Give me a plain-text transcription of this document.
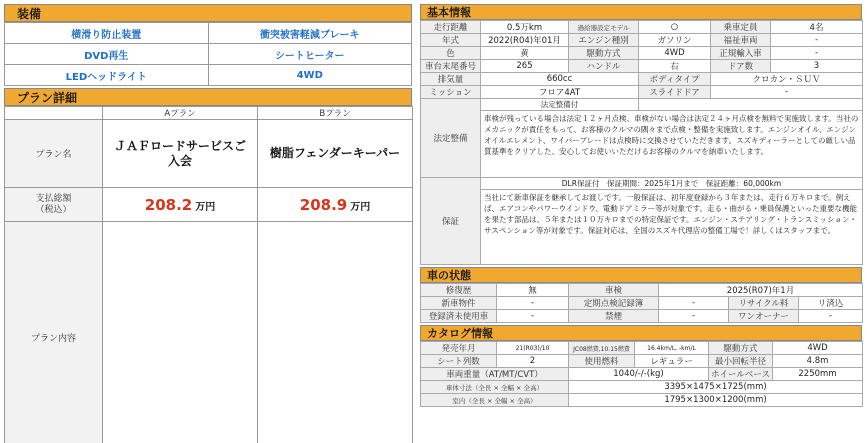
装備
横滑り防止装置	衝突被害軽減ブレーキ
DVD再生	シートヒーター
LEDヘッドライト	4WD
プラン詳細
	Aプラン	Bプラン
プラン名	ＪＡＦロードサービスご入会	樹脂フェンダーキーパー

支払総額
（税込）	208.2 万円	208.9 万円
プラン内容		
基本情報
走行距離	0.5万km	過給器設定モデル	○	乗車定員	4名
年式	2022(R04)年01月	エンジン種別	ガソリン	福祉車両	-
色	黄	駆動方式	4WD	正規輸入車	-
車台末尾番号	265	ハンドル	右	ドア数	3
排気量	660cc		ボディタイプ	クロカン・ＳＵＶ	
ミッション	フロア4AT		スライドドア	-	
法定整備	法定整備付				
	車検が残っている場合は法定１２ヶ月点検、車検がない場合は法定２４ヶ月点検を無料で実施致します。当社のメカニックが責任をもって、お客様のクルマの隅々まで点検・整備を実施致します。エンジンオイル、エンジンオイルエレメント、ワイパーブレードは点検時に交換させていただきます。スズキディーラーとしての厳しい品質基準をクリアした、安心してお使いいただけるお客様のクルマを納車いたします。				
保証	DLR保証付　保証期間：2025年1月まで　保証距離：60,000km				
	当社にて新車保証を継承してお渡しです。一般保証は、初年度登録から３年または、走行６万キロまで。例えば、エアコンやパワーウインドウ、電動ドアミラー等が対象です。走る・曲がる・乗員保護といった重要な機能を果たす部品は、５年または１０万キロまでの特定保証です。エンジン・ステアリング・トランスミッション・サスペンション等が対象です。保証対応は、全国のスズキ代理店の整備工場で！詳しくはスタッフまで。				
車の状態
修復歴	無	車検	2025(R07)年1月		
新車物件	-	定期点検記録簿	-	リサイクル料	リ済込
登録済未使用車	-	禁煙	-	ワンオーナー	-
カタログ情報
発売年月	21(R03)/10	JC08燃費,10.15燃費	16.4km/L, -km/L	駆動方式	4WD
シート列数	2	使用燃料	レギュラー	最小回転半径	4.8m
車両重量（AT/MT/CVT）		1040/-/-(kg)		ホイールベース	2250mm
車体寸法（全長 × 全幅 × 全高）		3395×1475×1725(mm)			
室内（全長 × 全幅 × 全高）		1795×1300×1200(mm)			
